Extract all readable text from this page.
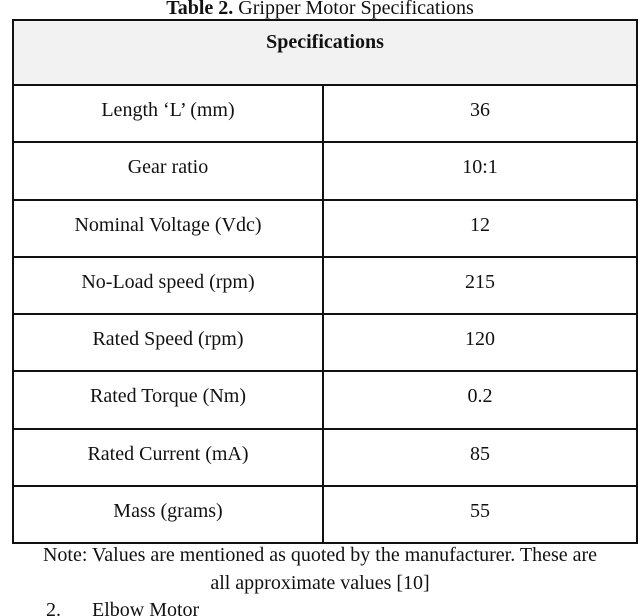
Table 2. Gripper Motor Specifications
Specifications	
Length ‘L’ (mm)	36
Gear ratio	10:1
Nominal Voltage (Vdc)	12
No-Load speed (rpm)	215
Rated Speed (rpm)	120
Rated Torque (Nm)	0.2
Rated Current (mA)	85
Mass (grams)	55
Note: Values are mentioned as quoted by the manufacturer. These are
all approximate values [10]
2. Elbow Motor
